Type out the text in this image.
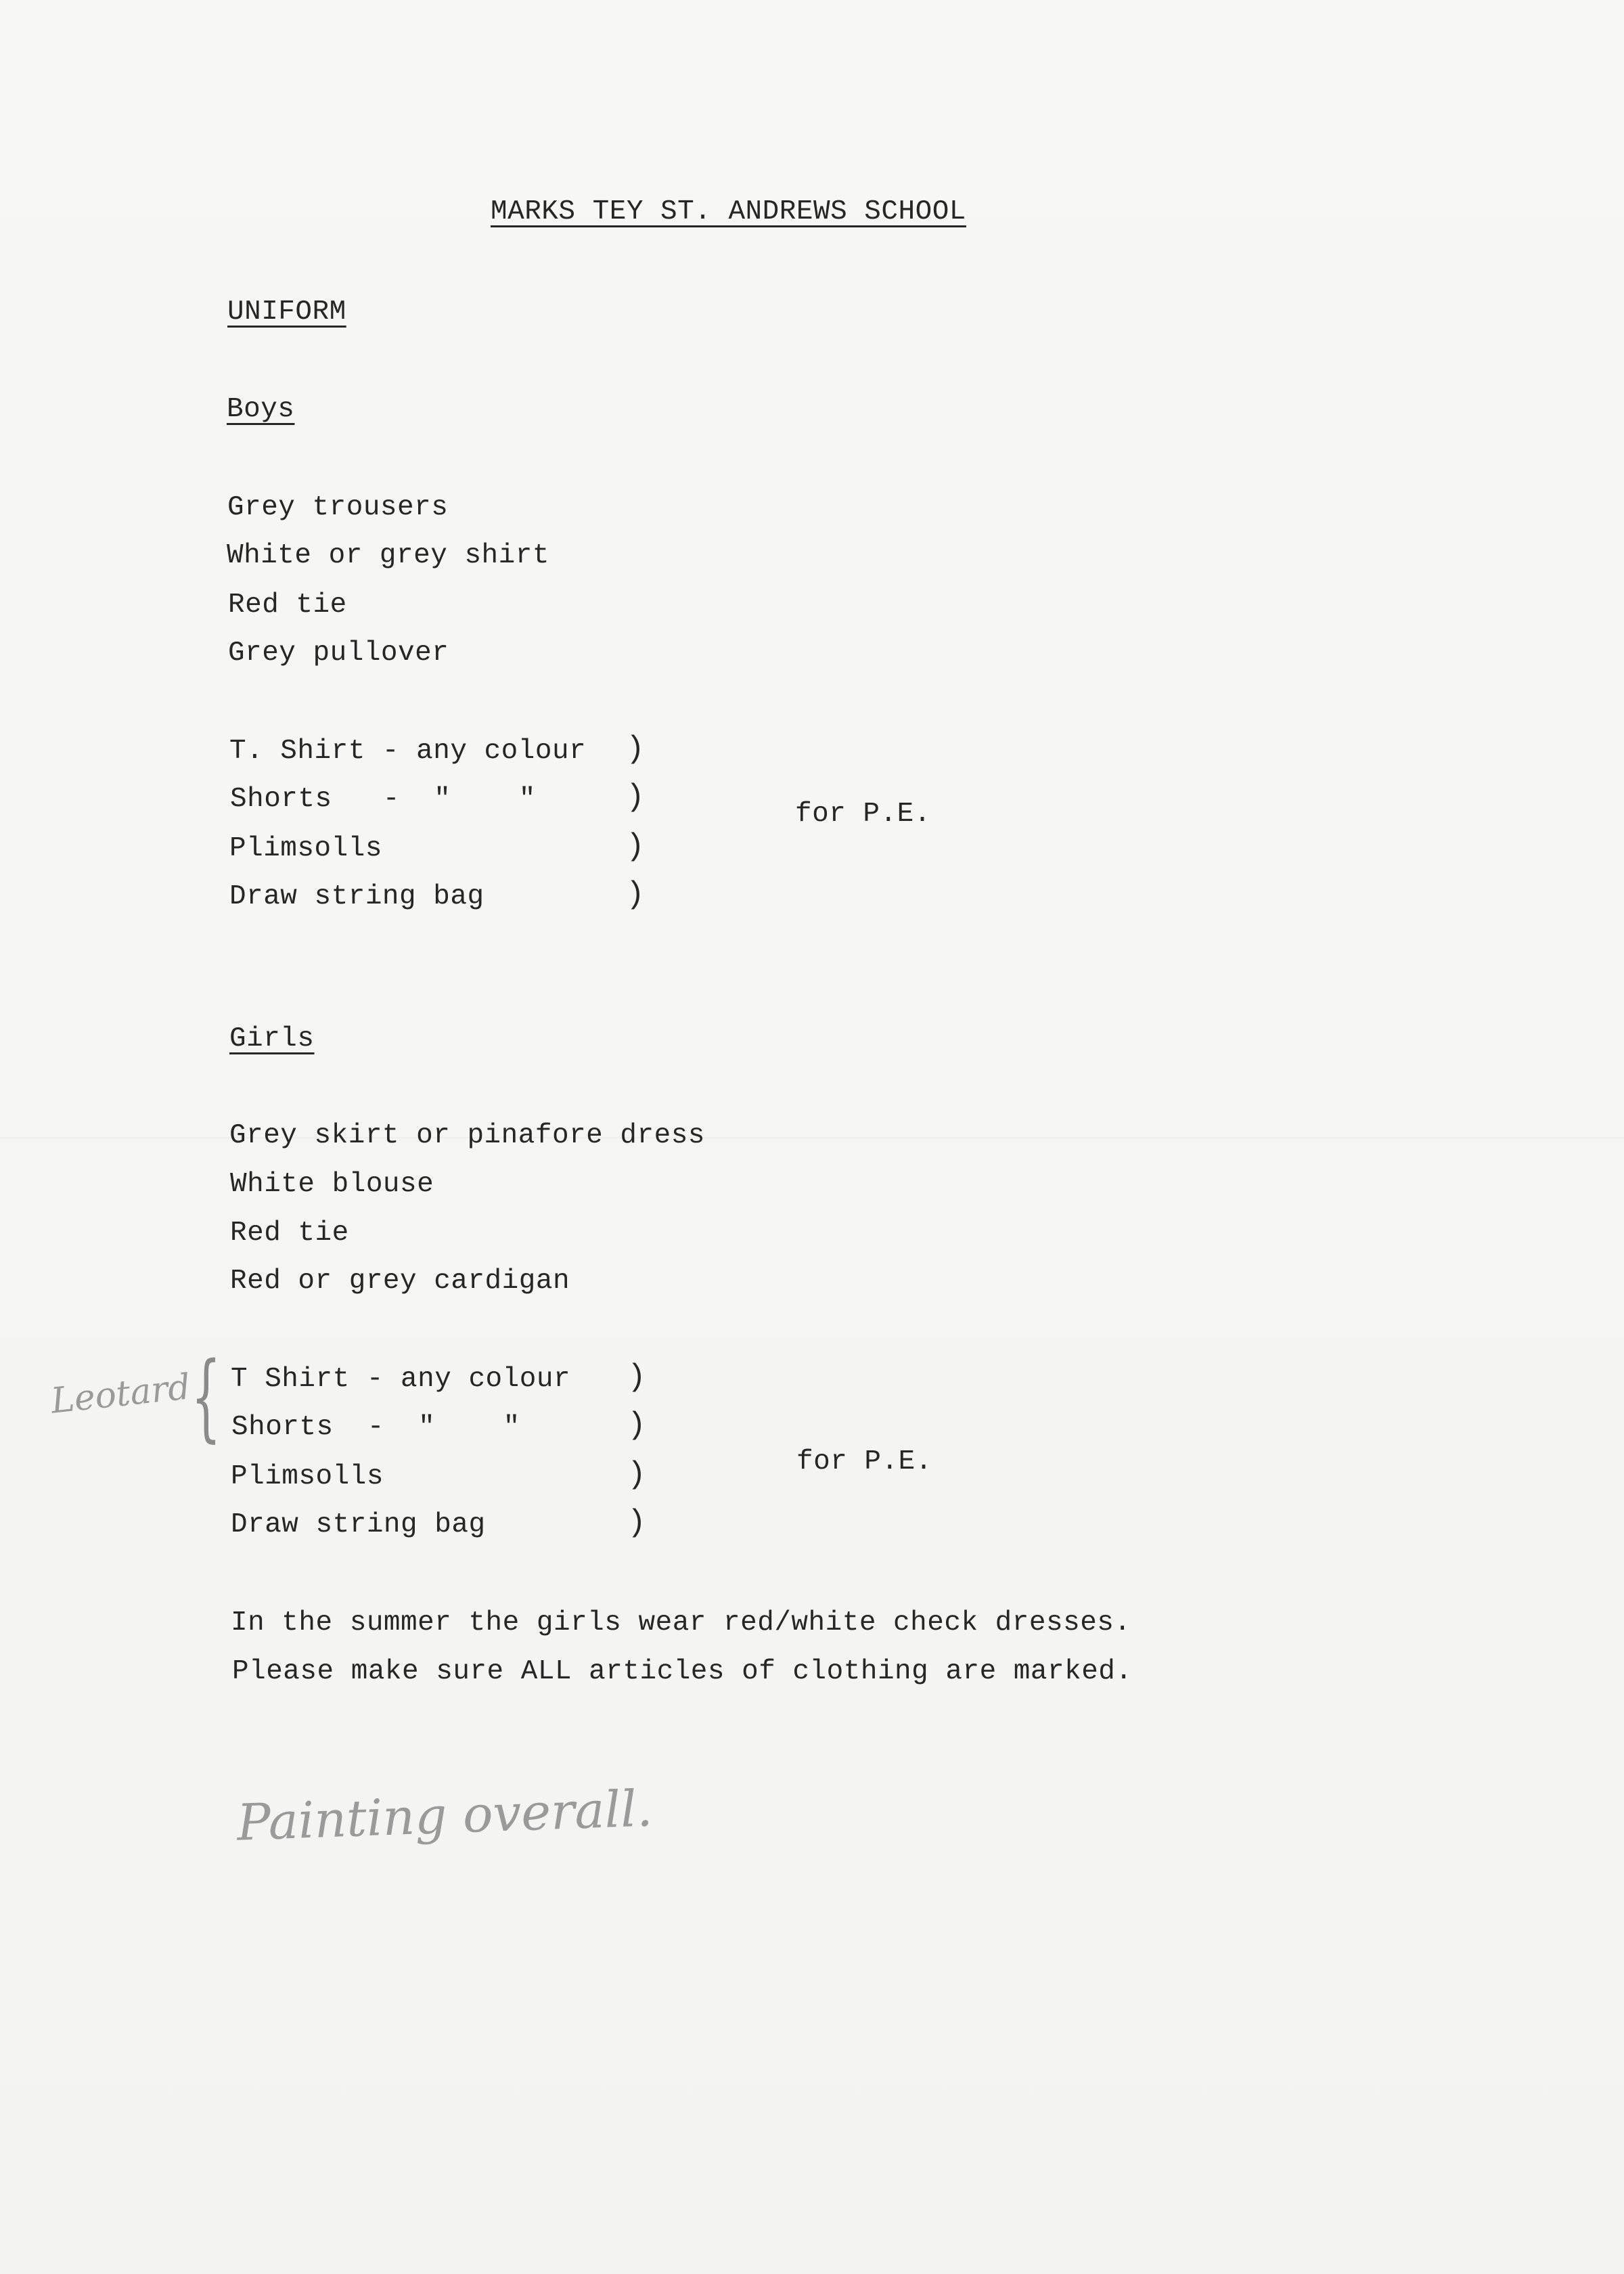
MARKS TEY ST. ANDREWS SCHOOL
UNIFORM
Boys
Grey trousers
White or grey shirt
Red tie
Grey pullover
T. Shirt - any colour
Shorts   -  "    "
Plimsolls
Draw string bag
)
)
)
)
for P.E.
Girls
Grey skirt or pinafore dress
White blouse
Red tie
Red or grey cardigan
T Shirt - any colour
Shorts  -  "    "
Plimsolls
Draw string bag
)
)
)
)
for P.E.
In the summer the girls wear red/white check dresses.
Please make sure ALL articles of clothing are marked.
Leotard
{
Painting overall.
